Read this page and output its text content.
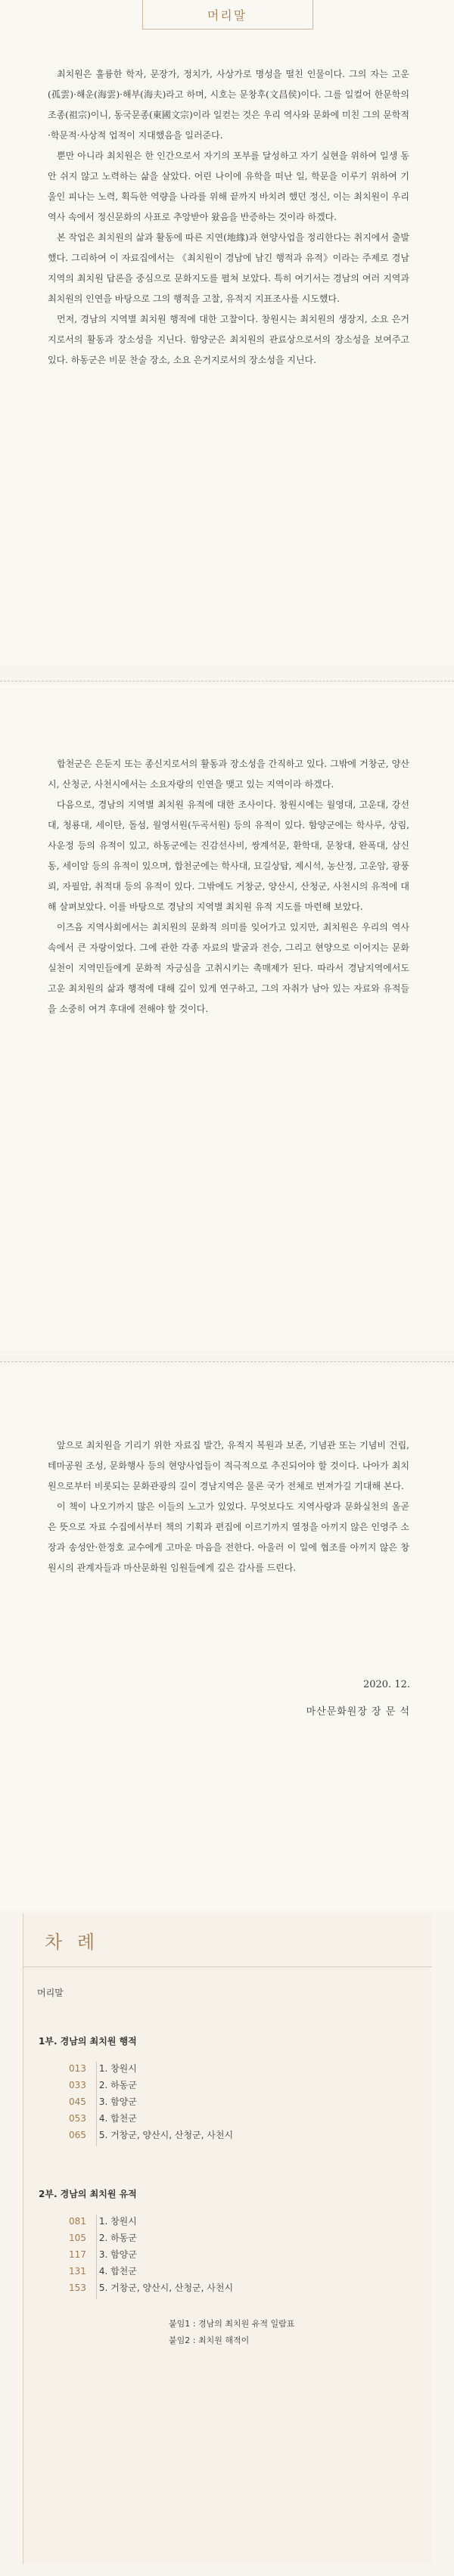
머리말

최치원은 훌륭한 학자, 문장가, 정치가, 사상가로 명성을 떨친 인물이다. 그의 자는 고운(孤雲)·해운(海雲)·해부(海夫)라고 하며, 시호는 문창후(文昌侯)이다. 그를 일컬어 한문학의 조종(祖宗)이니, 동국문종(東國文宗)이라 일컫는 것은 우리 역사와 문화에 미친 그의 문학적·학문적·사상적 업적이 지대했음을 일러준다.

뿐만 아니라 최치원은 한 인간으로서 자기의 포부를 달성하고 자기 실현을 위하여 일생 동안 쉬지 않고 노력하는 삶을 살았다. 어린 나이에 유학을 떠난 일, 학문을 이루기 위하여 기울인 피나는 노력, 획득한 역량을 나라를 위해 끝까지 바치려 했던 정신, 이는 최치원이 우리 역사 속에서 정신문화의 사표로 추앙받아 왔음을 반증하는 것이라 하겠다.

본 작업은 최치원의 삶과 활동에 따른 지연(地緣)과 현양사업을 정리한다는 취지에서 출발했다. 그리하여 이 자료집에서는 《최치원이 경남에 남긴 행적과 유적》이라는 주제로 경남지역의 최치원 답론을 중심으로 문화지도를 펼쳐 보았다. 특히 여기서는 경남의 여러 지역과 최치원의 인연을 바탕으로 그의 행적을 고찰, 유적지 지표조사를 시도했다.

먼저, 경남의 지역별 최치원 행적에 대한 고찰이다. 창원시는 최치원의 생장지, 소요 은거지로서의 활동과 장소성을 지닌다. 함양군은 최치원의 관료상으로서의 장소성을 보여주고 있다. 하동군은 비문 찬술 장소, 소요 은거지로서의 장소성을 지닌다.

합천군은 은둔지 또는 종신지로서의 활동과 장소성을 간직하고 있다. 그밖에 거창군, 양산시, 산청군, 사천시에서는 소요자랑의 인연을 맺고 있는 지역이라 하겠다.

다음으로, 경남의 지역별 최치원 유적에 대한 조사이다. 창원시에는 월영대, 고운대, 강선대, 청룡대, 세이탄, 돌섬, 월영서원(두곡서원) 등의 유적이 있다. 함양군에는 학사루, 상림, 사운정 등의 유적이 있고, 하동군에는 진감선사비, 쌍계석문, 환학대, 문창대, 완폭대, 삼신동, 세이암 등의 유적이 있으며, 합천군에는 학사대, 묘길상탑, 제시석, 농산정, 고운암, 광풍뢰, 자필암, 취적대 등의 유적이 있다. 그밖에도 거창군, 양산시, 산청군, 사천시의 유적에 대해 살펴보았다. 이를 바탕으로 경남의 지역별 최치원 유적 지도를 마련해 보았다.

이즈음 지역사회에서는 최치원의 문화적 의미를 잊어가고 있지만, 최치원은 우리의 역사 속에서 큰 자랑이었다. 그에 관한 각종 자료의 발굴과 전승, 그리고 현양으로 이어지는 문화실천이 지역민들에게 문화적 자긍심을 고취시키는 촉매제가 된다. 따라서 경남지역에서도 고운 최치원의 삶과 행적에 대해 깊이 있게 연구하고, 그의 자취가 남아 있는 자료와 유적들을 소중히 여겨 후대에 전해야 할 것이다.

앞으로 최치원을 기리기 위한 자료집 발간, 유적지 복원과 보존, 기념관 또는 기념비 건립, 테마공원 조성, 문화행사 등의 현양사업들이 적극적으로 추진되어야 할 것이다. 나아가 최치원으로부터 비롯되는 문화관광의 길이 경남지역은 물론 국가 전체로 번져가길 기대해 본다.

이 책이 나오기까지 많은 이들의 노고가 있었다. 무엇보다도 지역사랑과 문화실천의 올곧은 뜻으로 자료 수집에서부터 책의 기획과 편집에 이르기까지 열정을 아끼지 않은 인영주 소장과 송성안·한정호 교수에게 고마운 마음을 전한다. 아울러 이 일에 협조를 아끼지 않은 창원시의 관계자들과 마산문화원 임원들에게 깊은 감사를 드린다.

2020. 12.
마산문화원장 장 문 석
차 례
머리말
1부. 경남의 최치원 행적
013 1. 창원시
033 2. 하동군
045 3. 함양군
053 4. 합천군
065 5. 거창군, 양산시, 산청군, 사천시
2부. 경남의 최치원 유적
081 1. 창원시
105 2. 하동군
117 3. 함양군
131 4. 합천군
153 5. 거창군, 양산시, 산청군, 사천시
붙임1 : 경남의 최치원 유적 일람표
붙임2 : 최치원 해적이
